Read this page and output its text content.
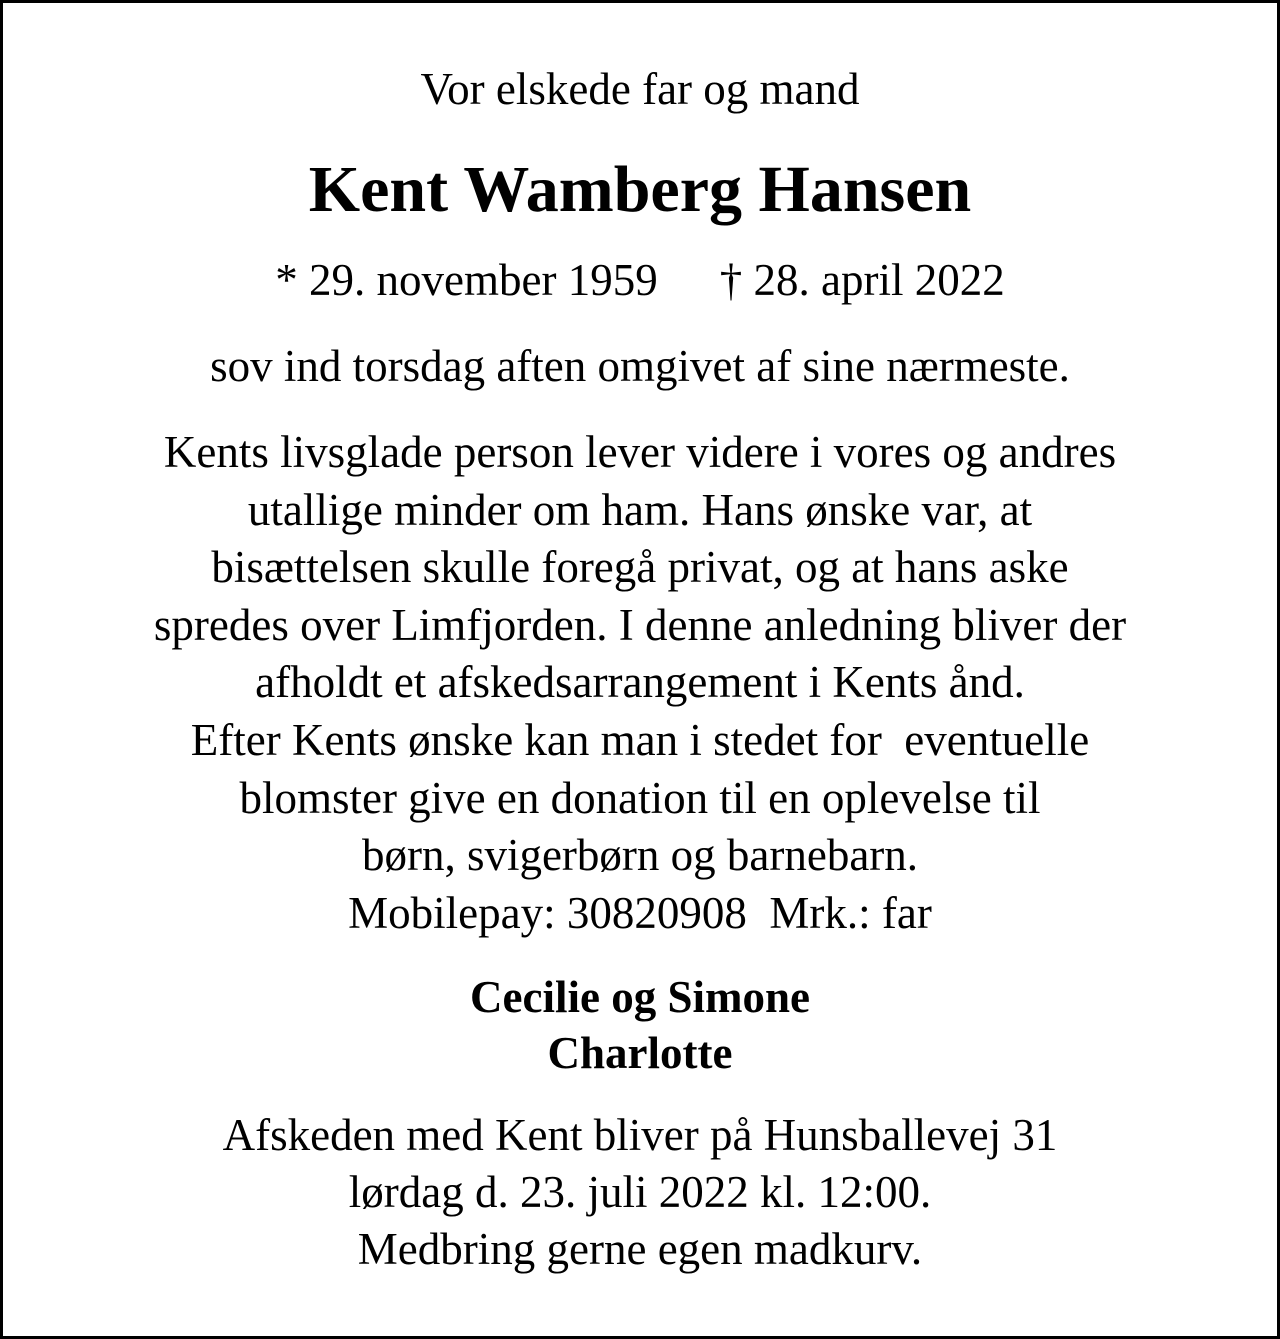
Vor elskede far og mand
Kent Wamberg Hansen
* 29. november 1959 † 28. april 2022
sov ind torsdag aften omgivet af sine nærmeste.
Kents livsglade person lever videre i vores og andres
utallige minder om ham. Hans ønske var, at
bisættelsen skulle foregå privat, og at hans aske
spredes over Limfjorden. I denne anledning bliver der
afholdt et afskedsarrangement i Kents ånd.
Efter Kents ønske kan man i stedet for  eventuelle
blomster give en donation til en oplevelse til
børn, svigerbørn og barnebarn.
Mobilepay: 30820908  Mrk.: far
Cecilie og Simone
Charlotte
Afskeden med Kent bliver på Hunsballevej 31
lørdag d. 23. juli 2022 kl. 12:00.
Medbring gerne egen madkurv.
